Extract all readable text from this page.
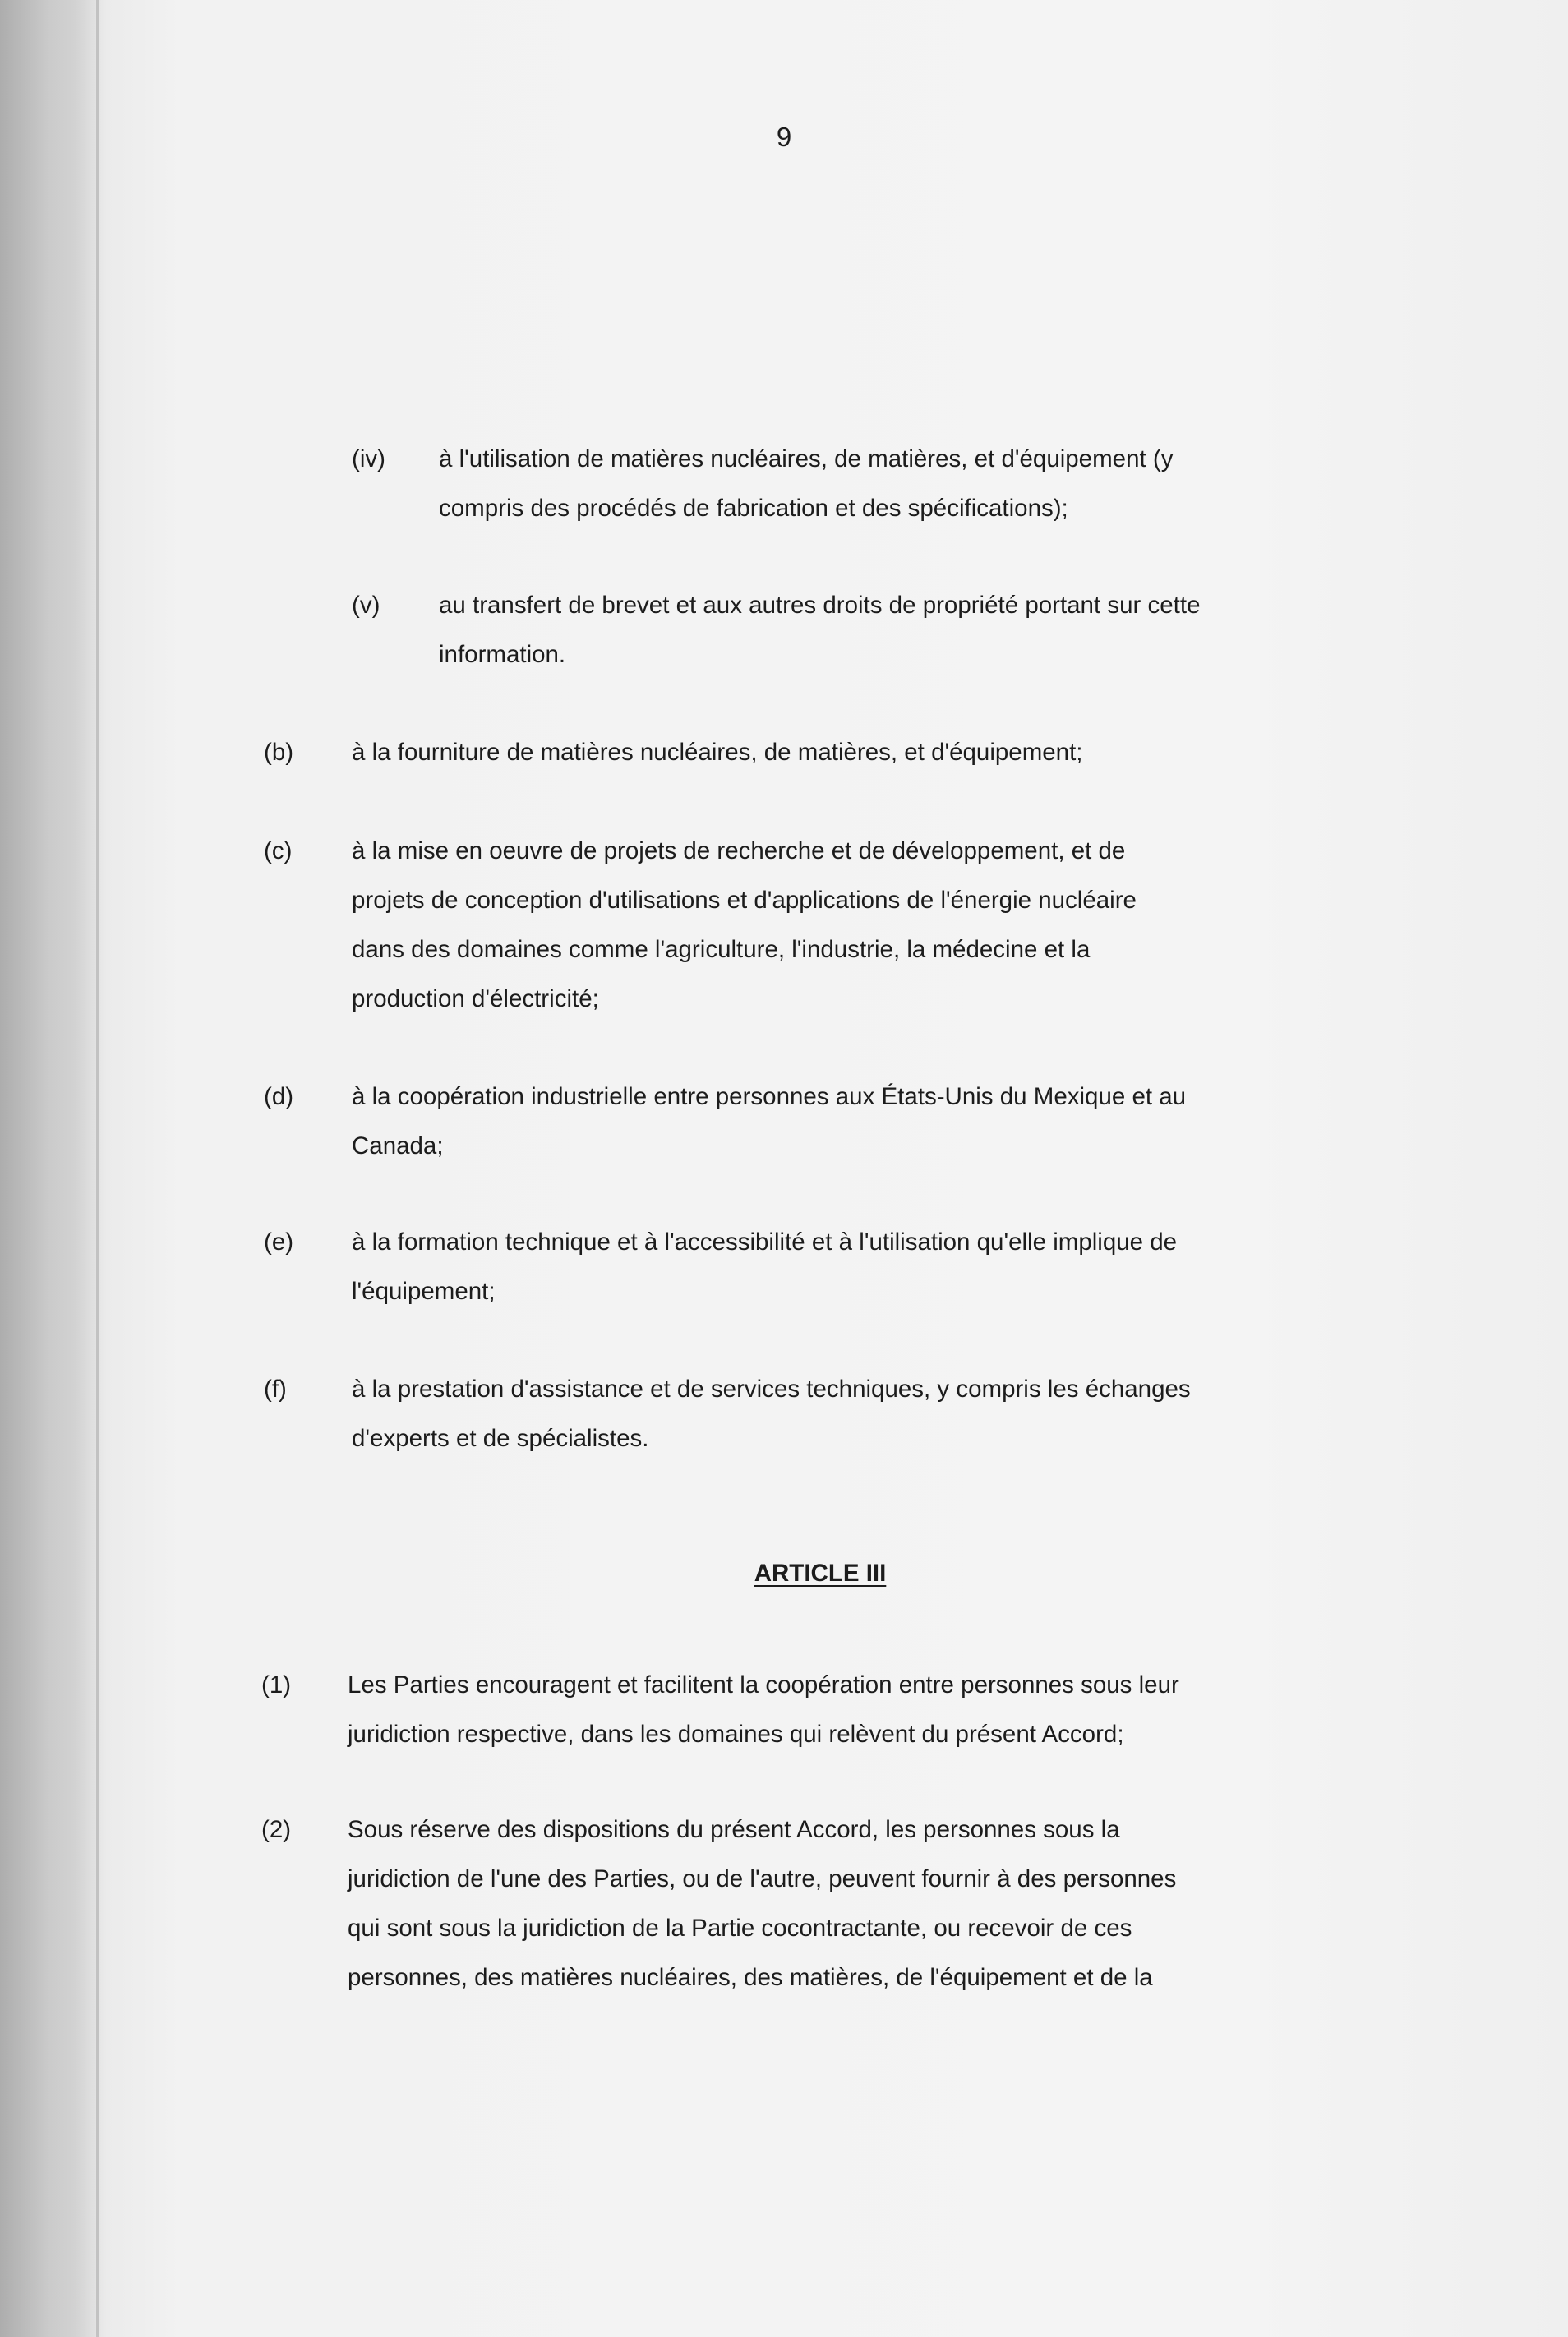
9
(iv) à l'utilisation de matières nucléaires, de matières, et d'équipement (y
compris des procédés de fabrication et des spécifications);
(v) au transfert de brevet et aux autres droits de propriété portant sur cette
information.
(b) à la fourniture de matières nucléaires, de matières, et d'équipement;
(c) à la mise en oeuvre de projets de recherche et de développement, et de
projets de conception d'utilisations et d'applications de l'énergie nucléaire
dans des domaines comme l'agriculture, l'industrie, la médecine et la
production d'électricité;
(d) à la coopération industrielle entre personnes aux États-Unis du Mexique et au
Canada;
(e) à la formation technique et à l'accessibilité et à l'utilisation qu'elle implique de
l'équipement;
(f)	à la prestation d'assistance et de services techniques, y compris les échanges
d'experts et de spécialistes.
ARTICLE III
(1) Les Parties encouragent et facilitent la coopération entre personnes sous leur
juridiction respective, dans les domaines qui relèvent du présent Accord;
(2) Sous réserve des dispositions du présent Accord, les personnes sous la
juridiction de l'une des Parties, ou de l'autre, peuvent fournir à des personnes
qui sont sous la juridiction de la Partie cocontractante, ou recevoir de ces
personnes, des matières nucléaires, des matières, de l'équipement et de la
